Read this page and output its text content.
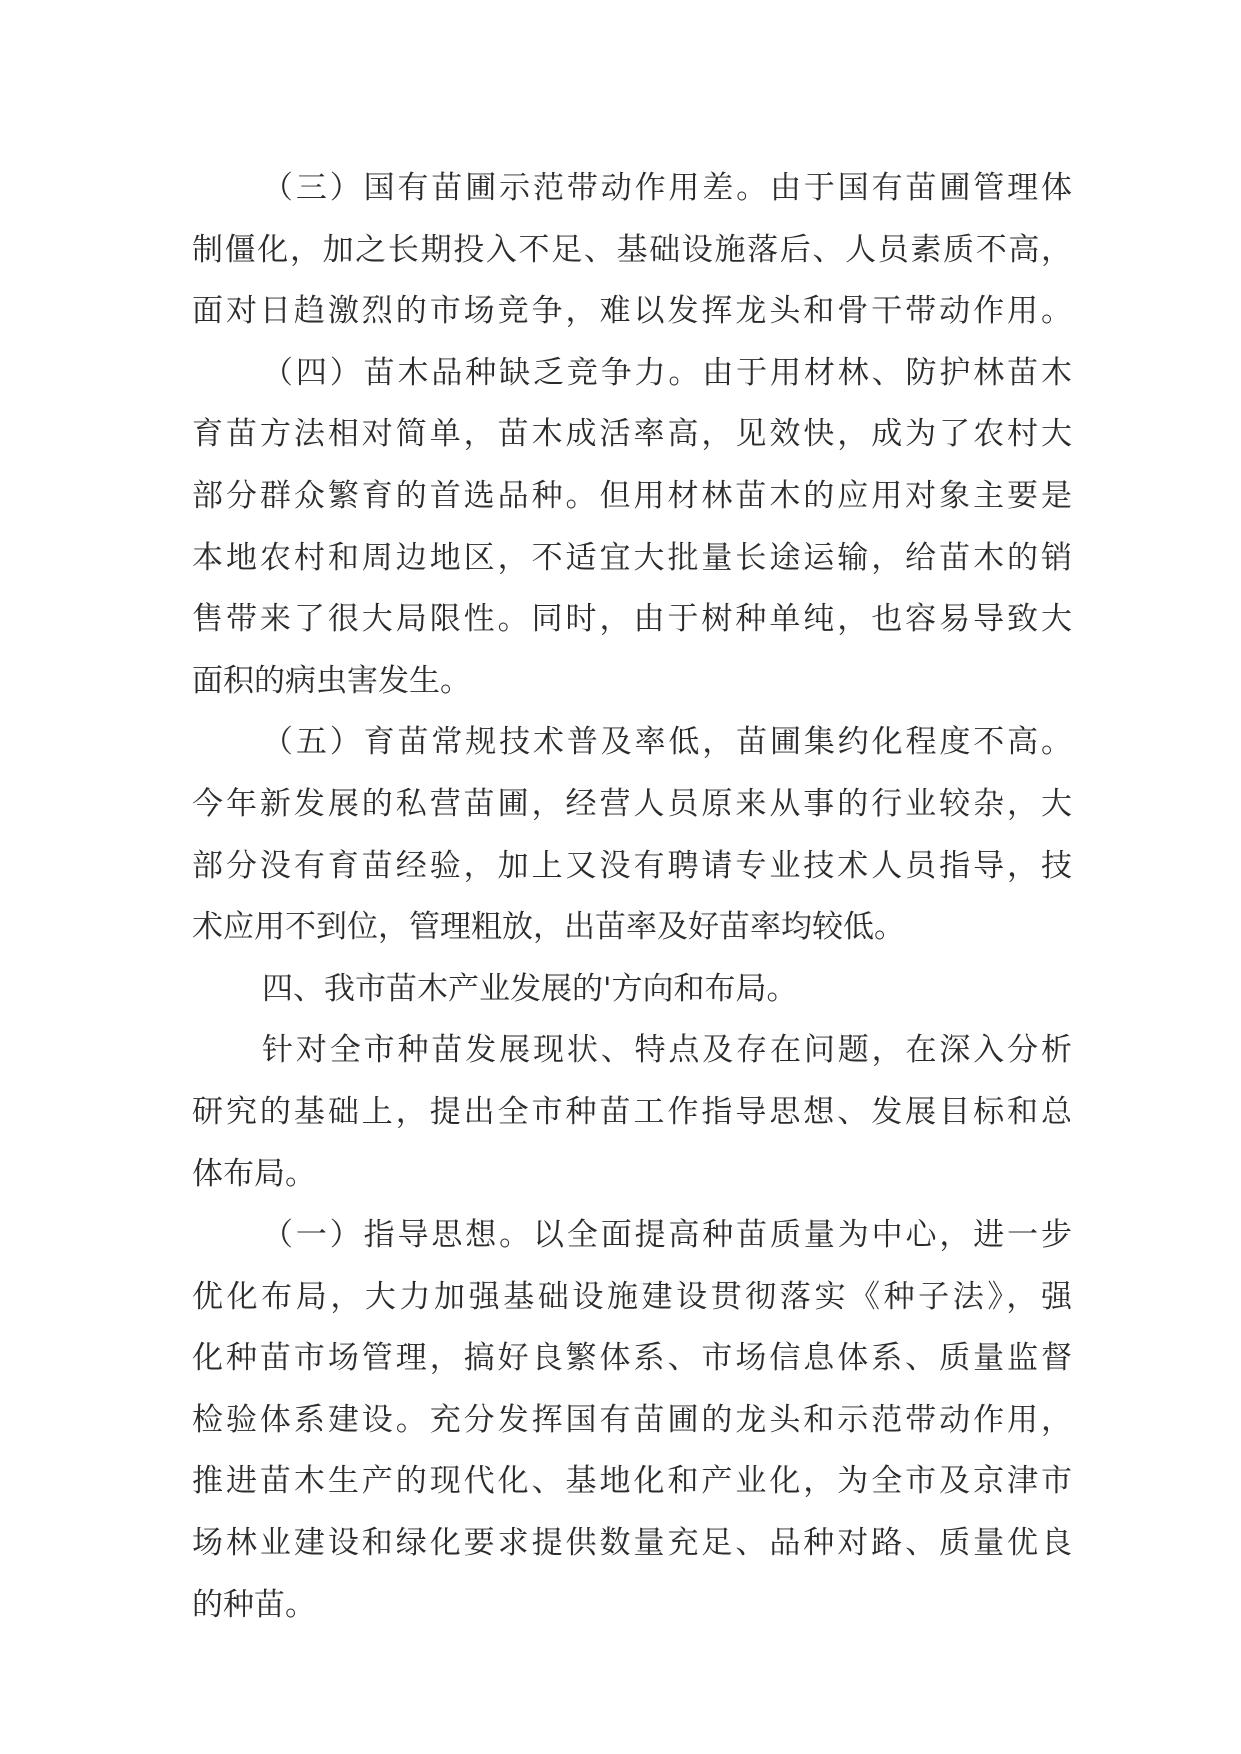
（三）国有苗圃示范带动作用差。由于国有苗圃管理体
制僵化，加之长期投入不足、基础设施落后、人员素质不高，
面对日趋激烈的市场竞争，难以发挥龙头和骨干带动作用。
（四）苗木品种缺乏竞争力。由于用材林、防护林苗木
育苗方法相对简单，苗木成活率高，见效快，成为了农村大
部分群众繁育的首选品种。但用材林苗木的应用对象主要是
本地农村和周边地区，不适宜大批量长途运输，给苗木的销
售带来了很大局限性。同时，由于树种单纯，也容易导致大
面积的病虫害发生。
（五）育苗常规技术普及率低，苗圃集约化程度不高。
今年新发展的私营苗圃，经营人员原来从事的行业较杂，大
部分没有育苗经验，加上又没有聘请专业技术人员指导，技
术应用不到位，管理粗放，出苗率及好苗率均较低。
四、我市苗木产业发展的'方向和布局。
针对全市种苗发展现状、特点及存在问题，在深入分析
研究的基础上，提出全市种苗工作指导思想、发展目标和总
体布局。
（一）指导思想。以全面提高种苗质量为中心，进一步
优化布局，大力加强基础设施建设贯彻落实《种子法》，强
化种苗市场管理，搞好良繁体系、市场信息体系、质量监督
检验体系建设。充分发挥国有苗圃的龙头和示范带动作用，
推进苗木生产的现代化、基地化和产业化，为全市及京津市
场林业建设和绿化要求提供数量充足、品种对路、质量优良
的种苗。
